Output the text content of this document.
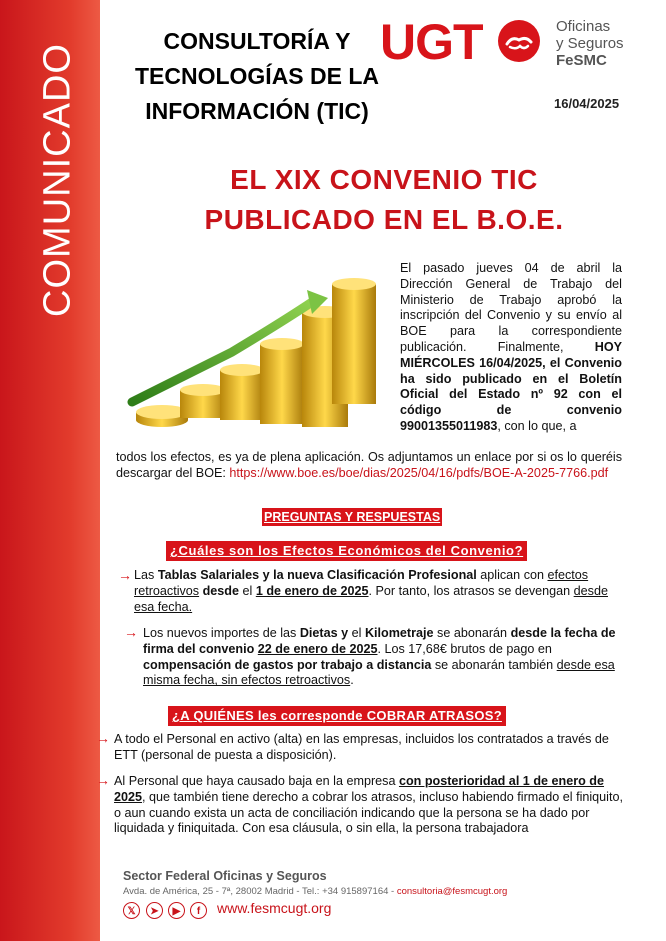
COMUNICADO
CONSULTORÍA Y
TECNOLOGÍAS DE LA
INFORMACIÓN (TIC)
UGT	Oficinas
y Seguros
FeSMC
16/04/2025
EL XIX CONVENIO TIC
PUBLICADO EN EL B.O.E.
El pasado jueves 04 de abril la Dirección General de Trabajo del Ministerio de Trabajo aprobó la inscripción del Convenio y su envío al BOE para la correspondiente publicación. Finalmente, HOY MIÉRCOLES 16/04/2025, el Convenio ha sido publicado en el Boletín Oficial del Estado nº 92 con el código de convenio 99001355011983, con lo que, a
todos los efectos, es ya de plena aplicación. Os adjuntamos un enlace por si os lo queréis descargar del BOE: https://www.boe.es/boe/dias/2025/04/16/pdfs/BOE-A-2025-7766.pdf
PREGUNTAS Y RESPUESTAS
¿Cuáles son los Efectos Económicos del Convenio?
→ Las Tablas Salariales y la nueva Clasificación Profesional aplican con efectos retroactivos desde el 1 de enero de 2025. Por tanto, los atrasos se devengan desde esa fecha.
→ Los nuevos importes de las Dietas y el Kilometraje se abonarán desde la fecha de firma del convenio 22 de enero de 2025. Los 17,68€ brutos de pago en compensación de gastos por trabajo a distancia se abonarán también desde esa misma fecha, sin efectos retroactivos.
¿A QUIÉNES les corresponde COBRAR ATRASOS?
→ A todo el Personal en activo (alta) en las empresas, incluidos los contratados a través de ETT (personal de puesta a disposición).
→ Al Personal que haya causado baja en la empresa con posterioridad al 1 de enero de 2025, que también tiene derecho a cobrar los atrasos, incluso habiendo firmado el finiquito, o aun cuando exista un acta de conciliación indicando que la persona se ha dado por liquidada y finiquitada. Con esa cláusula, o sin ella, la persona trabajadora
Sector Federal Oficinas y Seguros
Avda. de América, 25 - 7ª, 28002 Madrid - Tel.: +34 915897164 - consultoria@fesmcugt.org
𝕏	➤	▶	f	www.fesmcugt.org
